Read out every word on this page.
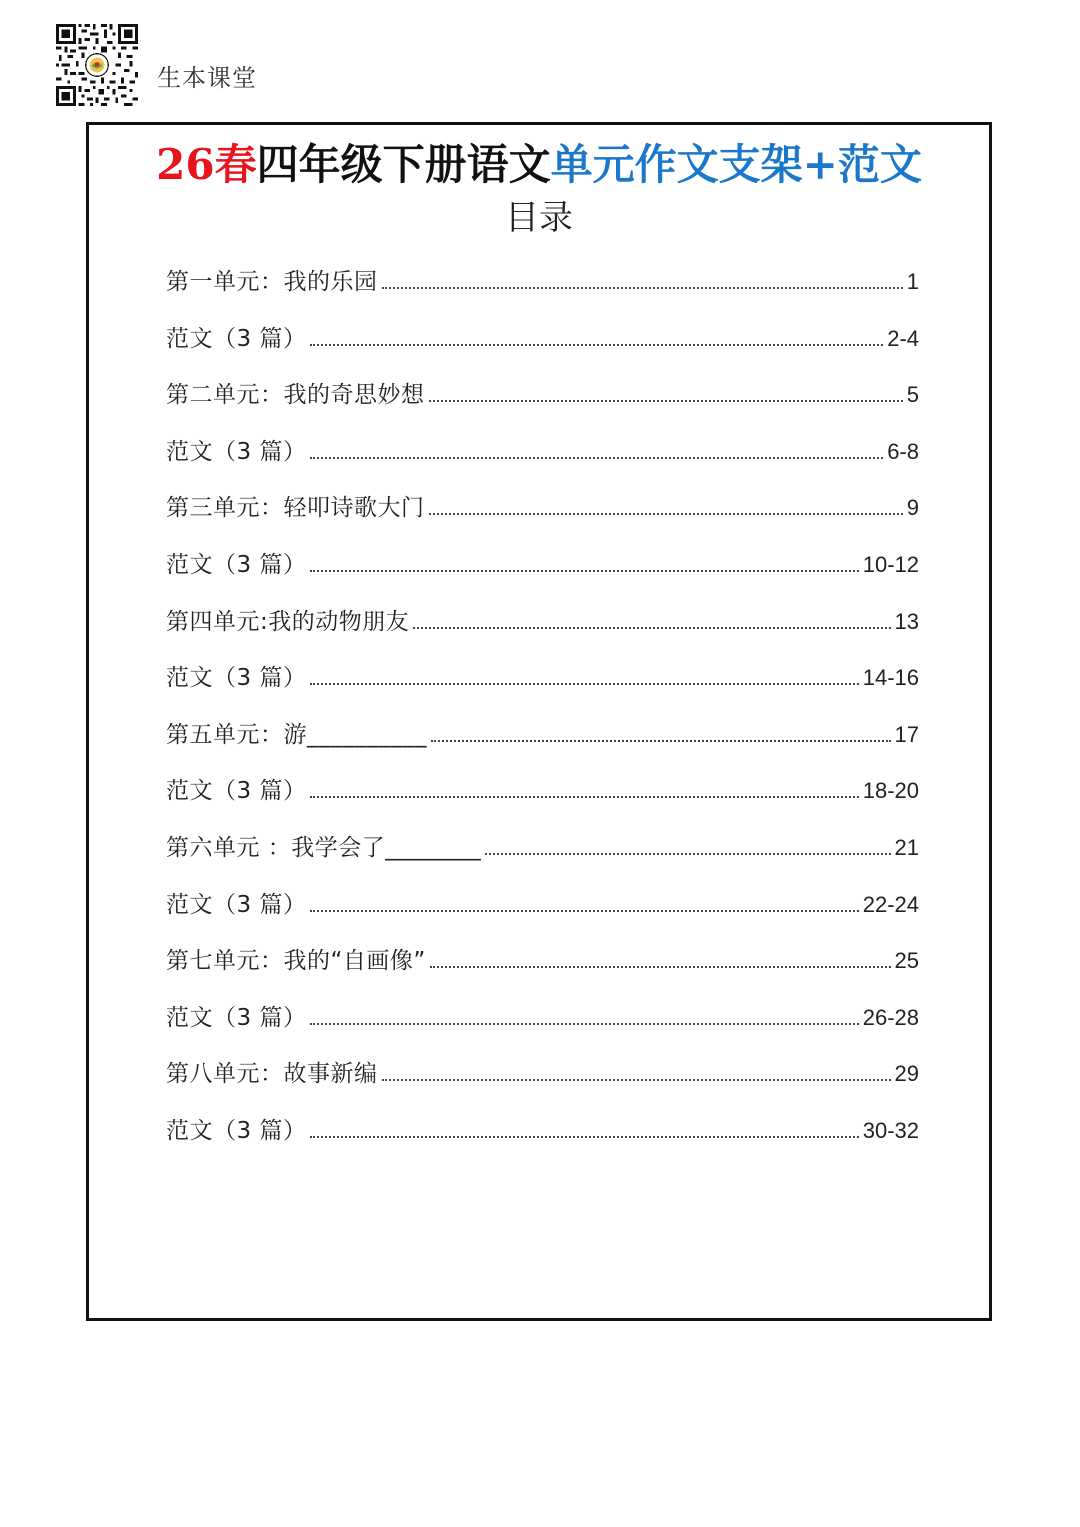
生本课堂
26春四年级下册语文单元作文支架+范文
目录
第一单元：我的乐园	1
范文（3 篇）	2-4
第二单元：我的奇思妙想	5
范文（3 篇）	6-8
第三单元：轻叩诗歌大门	9
范文（3 篇）	10-12
第四单元:我的动物朋友	13
范文（3 篇）	14-16
第五单元：游__________	17
范文（3 篇）	18-20
第六单元 ：我学会了________	21
范文（3 篇）	22-24
第七单元：我的“自画像”	25
范文（3 篇）	26-28
第八单元：故事新编	29
范文（3 篇）	30-32
